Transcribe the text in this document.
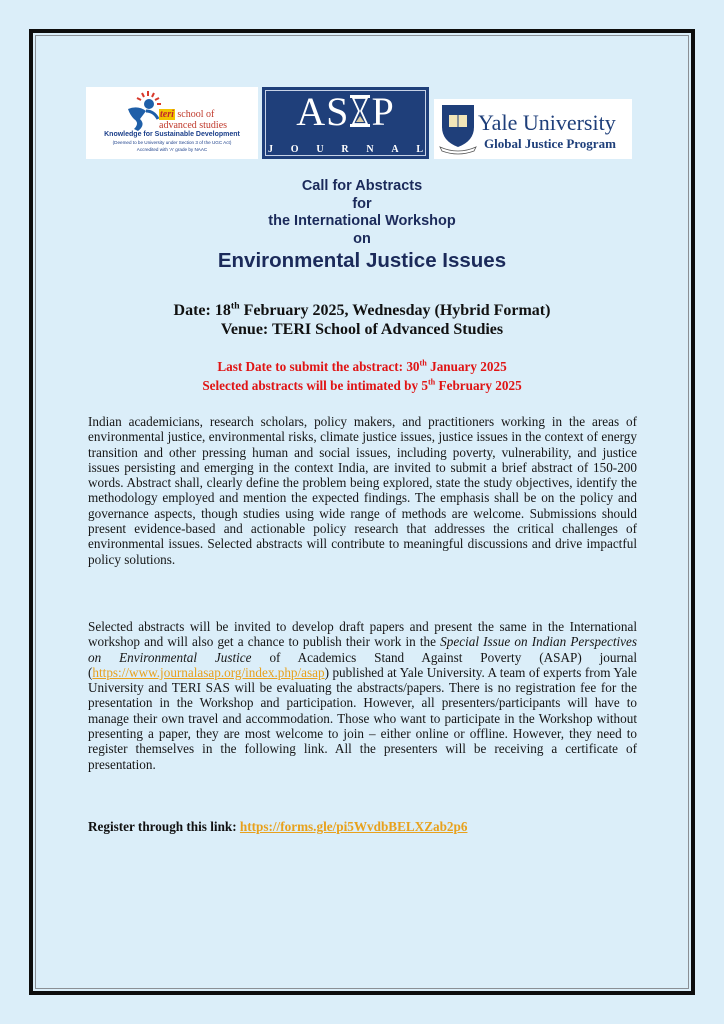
teri school of
advanced studies
Knowledge for Sustainable Development
(Deemed to be University under Section 3 of the UGC Act)
Accredited with 'A' grade by NAAC
AS P
J O U R N A L
Yale University
Global Justice Program
Call for Abstracts
for
the International Workshop
on
Environmental Justice Issues
Date: 18th February 2025, Wednesday (Hybrid Format)
Venue: TERI School of Advanced Studies
Last Date to submit the abstract: 30th January 2025
Selected abstracts will be intimated by 5th February 2025
Indian academicians, research scholars, policy makers, and practitioners working in the areas of environmental justice, environmental risks, climate justice issues, justice issues in the context of energy transition and other pressing human and social issues, including poverty, vulnerability, and justice issues persisting and emerging in the context India, are invited to submit a brief abstract of 150-200 words. Abstract shall, clearly define the problem being explored, state the study objectives, identify the methodology employed and mention the expected findings. The emphasis shall be on the policy and governance aspects, though studies using wide range of methods are welcome. Submissions should present evidence-based and actionable policy research that addresses the critical challenges of environmental issues. Selected abstracts will contribute to meaningful discussions and drive impactful policy solutions.
Selected abstracts will be invited to develop draft papers and present the same in the International workshop and will also get a chance to publish their work in the Special Issue on Indian Perspectives on Environmental Justice of Academics Stand Against Poverty (ASAP) journal (https://www.journalasap.org/index.php/asap) published at Yale University. A team of experts from Yale University and TERI SAS will be evaluating the abstracts/papers. There is no registration fee for the presentation in the Workshop and participation. However, all presenters/participants will have to manage their own travel and accommodation. Those who want to participate in the Workshop without presenting a paper, they are most welcome to join – either online or offline. However, they need to register themselves in the following link. All the presenters will be receiving a certificate of presentation.
Register through this link: https://forms.gle/pi5WvdbBELXZab2p6
